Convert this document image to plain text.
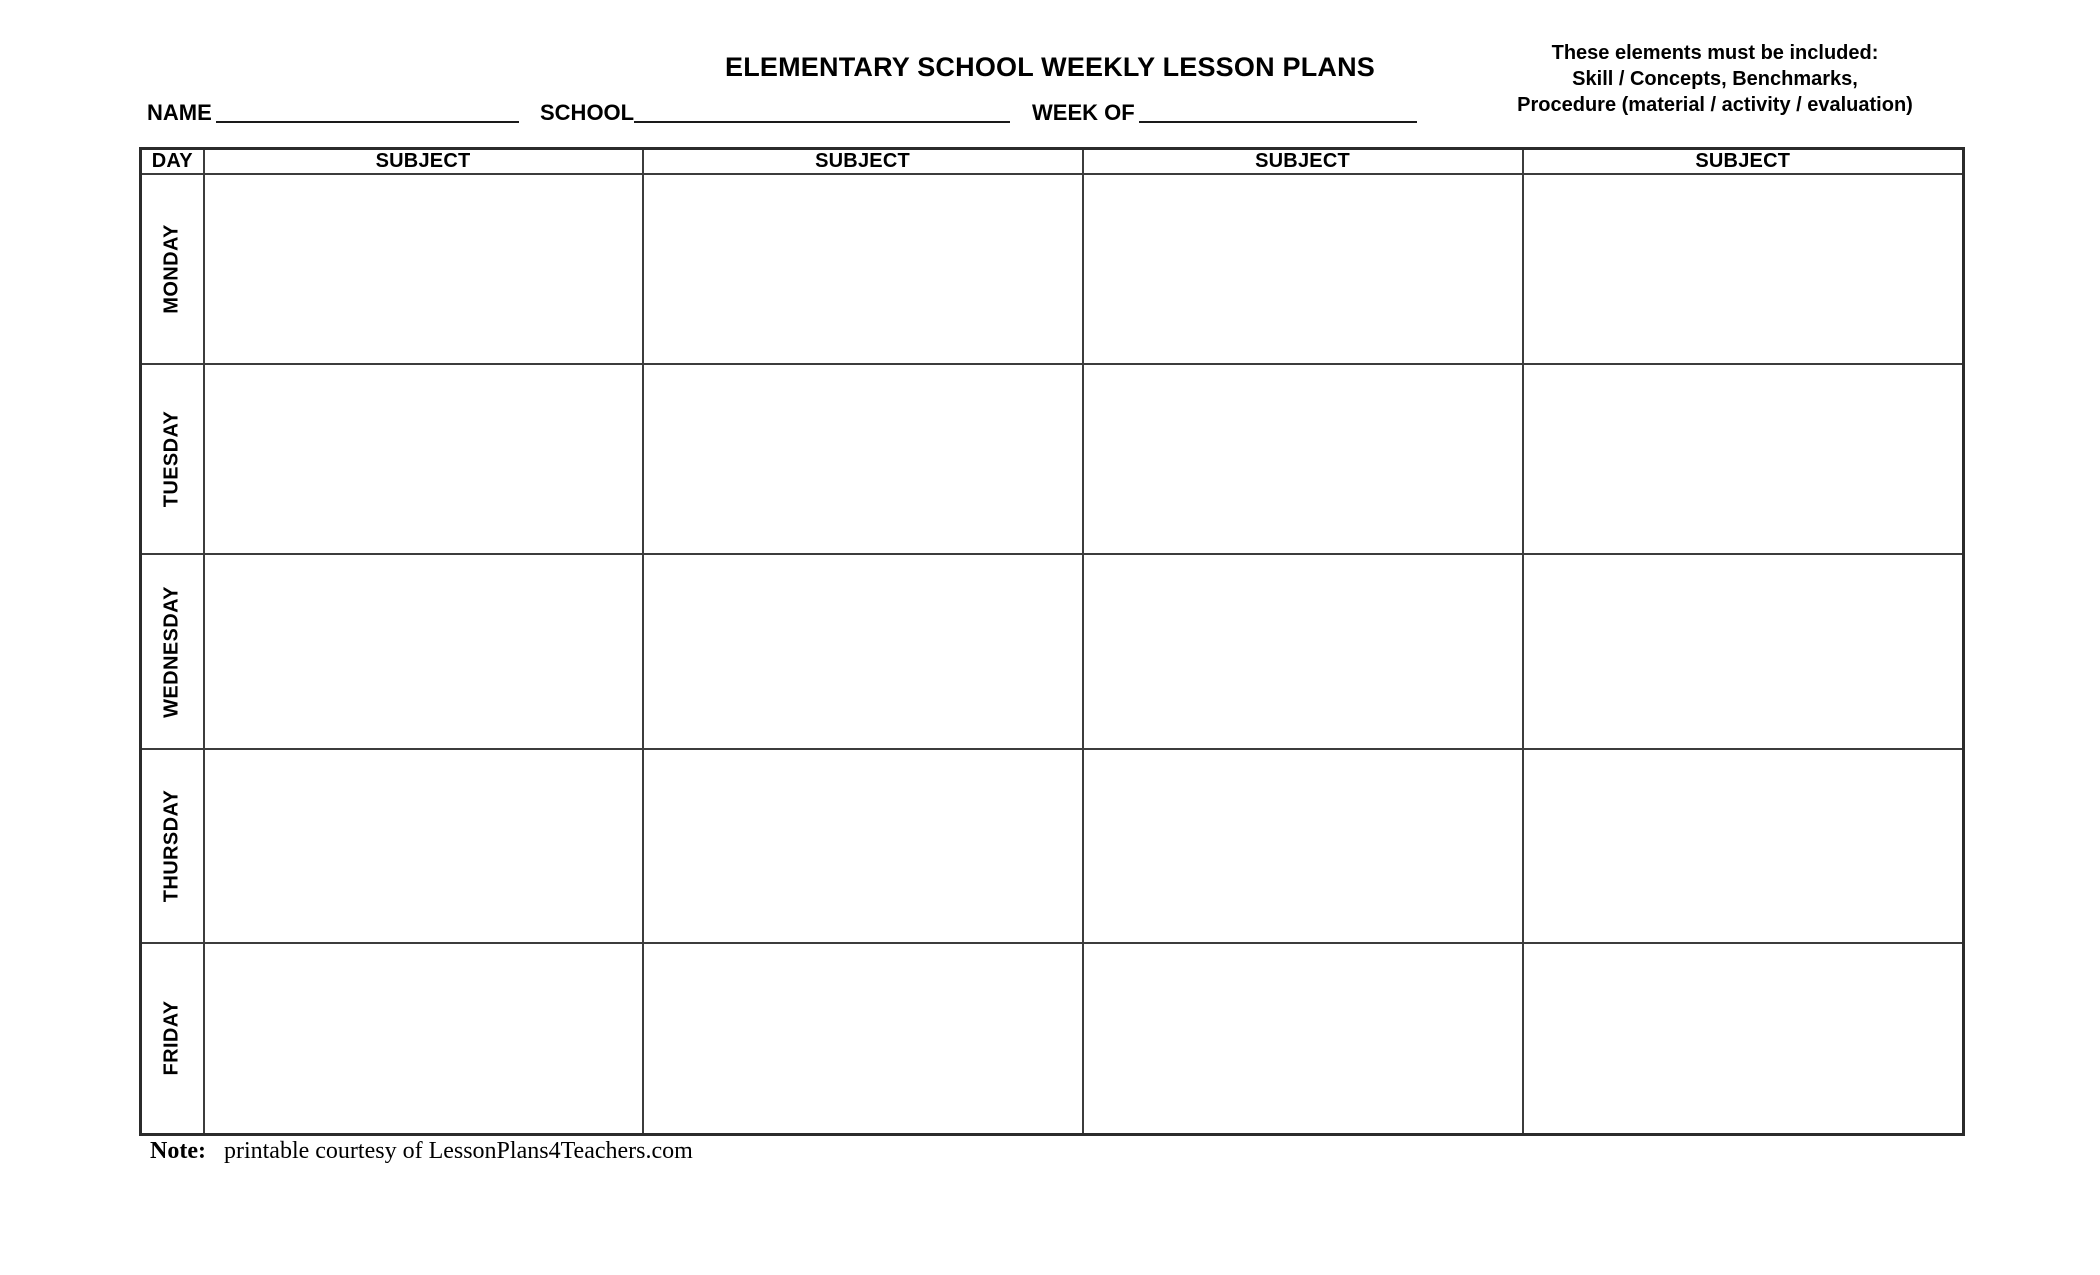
ELEMENTARY SCHOOL WEEKLY LESSON PLANS	These elements must be included:
Skill / Concepts, Benchmarks,
Procedure (material / activity / evaluation)
NAME	SCHOOL	WEEK OF
DAY	SUBJECT	SUBJECT	SUBJECT	SUBJECT

MONDAY				

TUESDAY				

WEDNESDAY				

THURSDAY				

FRIDAY				

Note: printable courtesy of LessonPlans4Teachers.com
